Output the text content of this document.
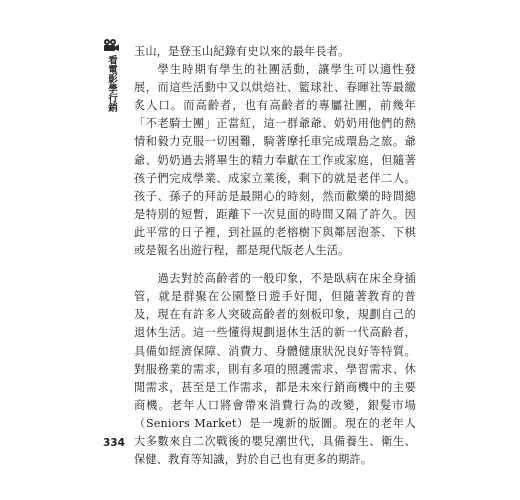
看電影學行銷

玉山，是登玉山紀錄有史以來的最年長者。

學生時期有學生的社團活動，讓學生可以適性發展，而這些活動中又以烘焙社、籃球社、春暉社等最繳炙人口。而高齡者，也有高齡者的專屬社團，前幾年「不老騎士團」正當紅，這一群爺爺、奶奶用他們的熱情和毅力克服一切困難，騎著摩托車完成環島之旅。爺爺、奶奶過去將畢生的精力奉獻在工作或家庭，但隨著孩子們完成學業、成家立業後，剩下的就是老伴二人。孩子、孫子的拜訪是最開心的時刻，然而歡樂的時間總是特別的短暫，距離下一次見面的時間又隔了許久。因此平常的日子裡，到社區的老榕樹下與鄰居泡茶、下棋或是報名出遊行程，都是現代版老人生活。

過去對於高齡者的一般印象，不是臥病在床全身插管，就是群聚在公園整日遊手好閒，但隨著教育的普及，現在有許多人突破高齡者的刻板印象，規劃自己的退休生活。這一些懂得規劃退休生活的新一代高齡者，具備如經濟保障、消費力、身體健康狀況良好等特質。對服務業的需求，則有多項的照護需求、學習需求、休閒需求，甚至是工作需求，都是未來行銷商機中的主要商機。老年人口將會帶來消費行為的改變，銀髮市場（Seniors Market）是一塊新的版圖。現在的老年人大多數來自二次戰後的嬰兒潮世代，具備養生、衛生、保健、教育等知識，對於自己也有更多的期許。

334
